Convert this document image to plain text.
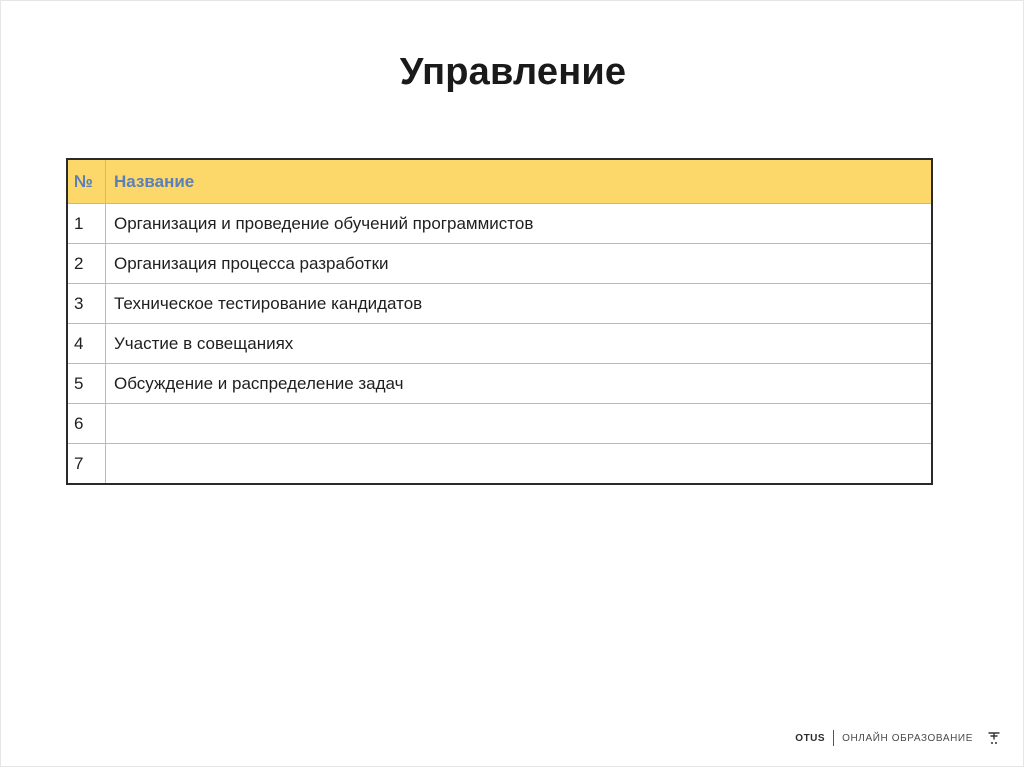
Управление
№	Название
1	Организация и проведение обучений программистов
2	Организация процесса разработки
3	Техническое тестирование кандидатов
4	Участие в совещаниях
5	Обсуждение и распределение задач
6	
7	
OTUS ОНЛАЙН ОБРАЗОВАНИЕ
